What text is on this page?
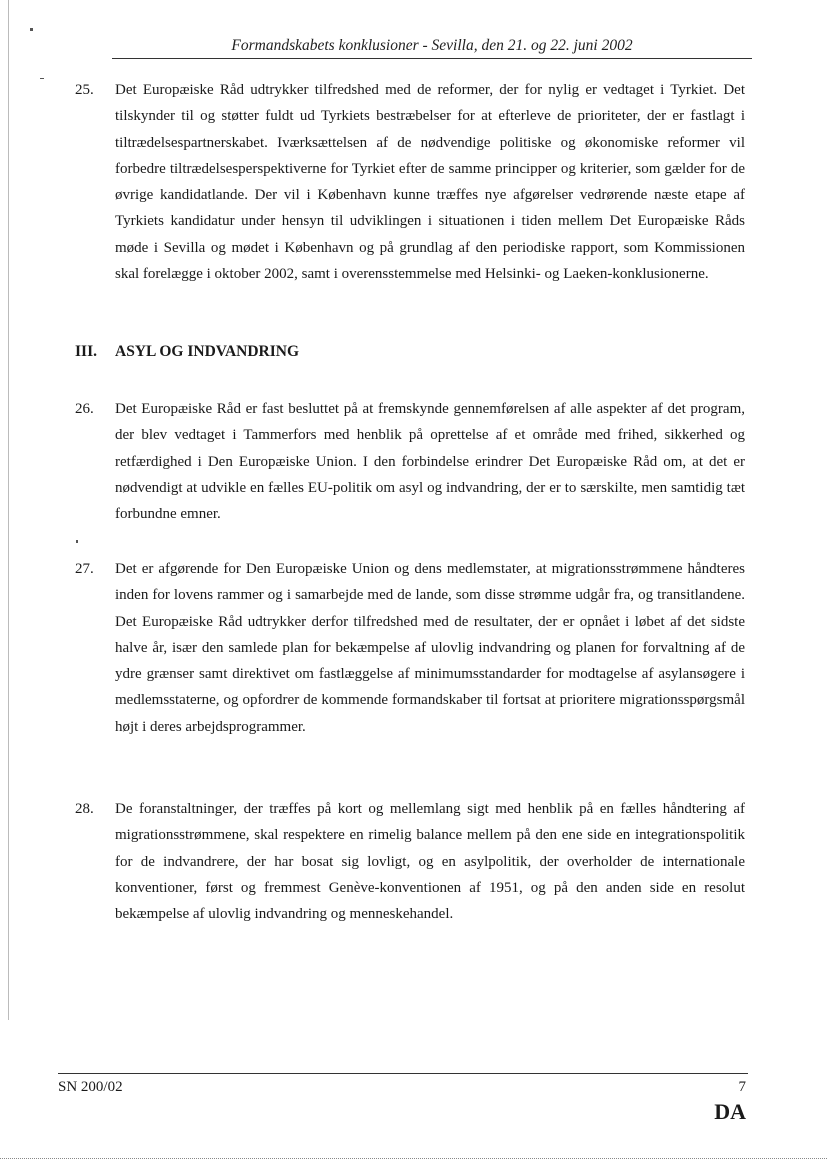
Formandskabets konklusioner - Sevilla, den 21. og 22. juni 2002
25. Det Europæiske Råd udtrykker tilfredshed med de reformer, der for nylig er vedtaget i Tyrkiet. Det tilskynder til og støtter fuldt ud Tyrkiets bestræbelser for at efterleve de prioriteter, der er fastlagt i tiltrædelsespartnerskabet. Iværksættelsen af de nødvendige politiske og økonomiske reformer vil forbedre tiltrædelsesperspektiverne for Tyrkiet efter de samme principper og kriterier, som gælder for de øvrige kandidatlande. Der vil i København kunne træffes nye afgørelser vedrørende næste etape af Tyrkiets kandidatur under hensyn til udviklingen i situationen i tiden mellem Det Europæiske Råds møde i Sevilla og mødet i København og på grundlag af den periodiske rapport, som Kommissionen skal forelægge i oktober 2002, samt i overensstemmelse med Helsinki- og Laeken-konklusionerne.
III. ASYL OG INDVANDRING
26. Det Europæiske Råd er fast besluttet på at fremskynde gennemførelsen af alle aspekter af det program, der blev vedtaget i Tammerfors med henblik på oprettelse af et område med frihed, sikkerhed og retfærdighed i Den Europæiske Union. I den forbindelse erindrer Det Europæiske Råd om, at det er nødvendigt at udvikle en fælles EU-politik om asyl og indvandring, der er to særskilte, men samtidig tæt forbundne emner.
27. Det er afgørende for Den Europæiske Union og dens medlemstater, at migrationsstrømmene håndteres inden for lovens rammer og i samarbejde med de lande, som disse strømme udgår fra, og transitlandene. Det Europæiske Råd udtrykker derfor tilfredshed med de resultater, der er opnået i løbet af det sidste halve år, især den samlede plan for bekæmpelse af ulovlig indvandring og planen for forvaltning af de ydre grænser samt direktivet om fastlæggelse af minimumsstandarder for modtagelse af asylansøgere i medlemsstaterne, og opfordrer de kommende formandskaber til fortsat at prioritere migrationsspørgsmål højt i deres arbejdsprogrammer.
28. De foranstaltninger, der træffes på kort og mellemlang sigt med henblik på en fælles håndtering af migrationsstrømmene, skal respektere en rimelig balance mellem på den ene side en integrationspolitik for de indvandrere, der har bosat sig lovligt, og en asylpolitik, der overholder de internationale konventioner, først og fremmest Genève-konventionen af 1951, og på den anden side en resolut bekæmpelse af ulovlig indvandring og menneskehandel.
SN 200/02	7
DA
